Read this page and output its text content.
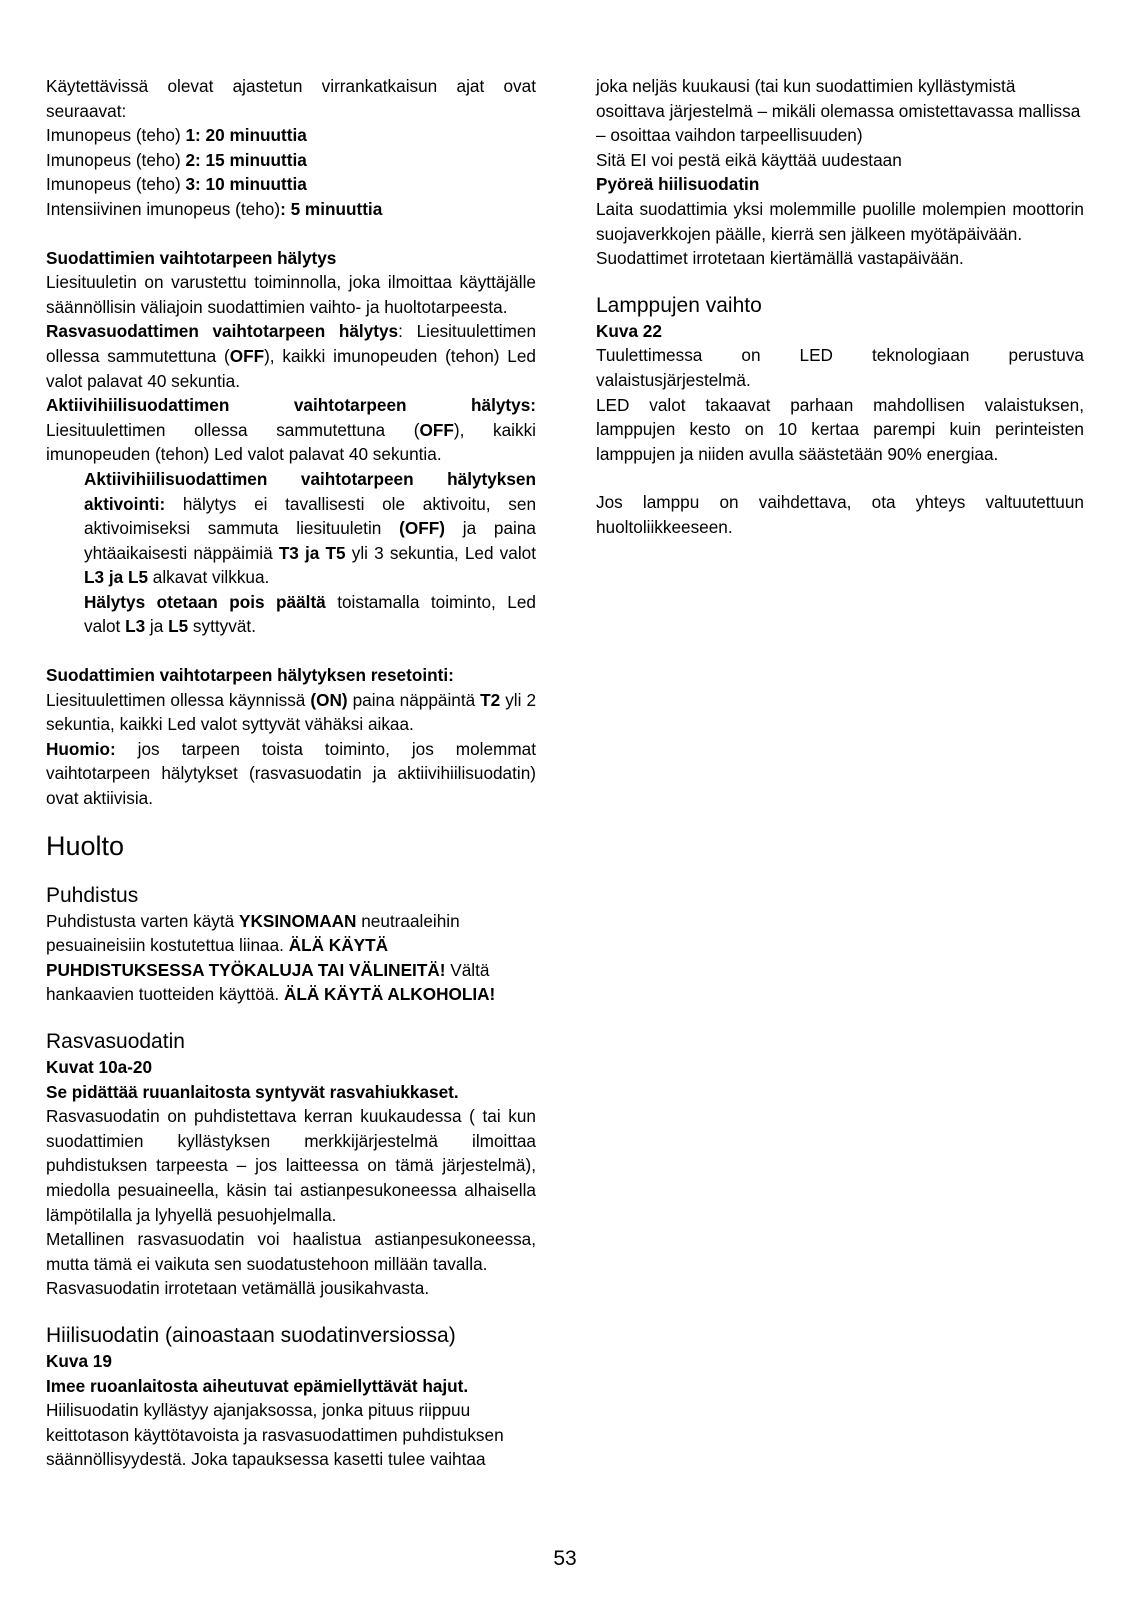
Käytettävissä olevat ajastetun virrankatkaisun ajat ovat seuraavat:

Imunopeus (teho) 1: 20 minuuttia

Imunopeus (teho) 2: 15 minuuttia

Imunopeus (teho) 3: 10 minuuttia

Intensiivinen imunopeus (teho): 5 minuuttia

Suodattimien vaihtotarpeen hälytys

Liesituuletin on varustettu toiminnolla, joka ilmoittaa käyttäjälle säännöllisin väliajoin suodattimien vaihto- ja huoltotarpeesta.

Rasvasuodattimen vaihtotarpeen hälytys: Liesituulettimen ollessa sammutettuna (OFF), kaikki imunopeuden (tehon) Led valot palavat 40 sekuntia.

Aktiivihiilisuodattimen vaihtotarpeen hälytys: Liesituulettimen ollessa sammutettuna (OFF), kaikki imunopeuden (tehon) Led valot palavat 40 sekuntia.

Aktiivihiilisuodattimen vaihtotarpeen hälytyksen aktivointi: hälytys ei tavallisesti ole aktivoitu, sen aktivoimiseksi sammuta liesituuletin (OFF) ja paina yhtäaikaisesti näppäimiä T3 ja T5 yli 3 sekuntia, Led valot L3 ja L5 alkavat vilkkua.

Hälytys otetaan pois päältä toistamalla toiminto, Led valot L3 ja L5 syttyvät.

Suodattimien vaihtotarpeen hälytyksen resetointi:

Liesituulettimen ollessa käynnissä (ON) paina näppäintä T2 yli 2 sekuntia, kaikki Led valot syttyvät vähäksi aikaa.

Huomio: jos tarpeen toista toiminto, jos molemmat vaihtotarpeen hälytykset (rasvasuodatin ja aktiivihiilisuodatin) ovat aktiivisia.

Huolto
Puhdistus

Puhdistusta varten käytä YKSINOMAAN neutraaleihin pesuaineisiin kostutettua liinaa. ÄLÄ KÄYTÄ PUHDISTUKSESSA TYÖKALUJA TAI VÄLINEITÄ! Vältä hankaavien tuotteiden käyttöä. ÄLÄ KÄYTÄ ALKOHOLIA!

Rasvasuodatin

Kuvat 10a-20

Se pidättää ruuanlaitosta syntyvät rasvahiukkaset.

Rasvasuodatin on puhdistettava kerran kuukaudessa ( tai kun suodattimien kyllästyksen merkkijärjestelmä ilmoittaa puhdistuksen tarpeesta – jos laitteessa on tämä järjestelmä), miedolla pesuaineella, käsin tai astianpesukoneessa alhaisella lämpötilalla ja lyhyellä pesuohjelmalla.

Metallinen rasvasuodatin voi haalistua astianpesukoneessa, mutta tämä ei vaikuta sen suodatustehoon millään tavalla.

Rasvasuodatin irrotetaan vetämällä jousikahvasta.

Hiilisuodatin (ainoastaan suodatinversiossa)

Kuva 19

Imee ruoanlaitosta aiheutuvat epämiellyttävät hajut.

Hiilisuodatin kyllästyy ajanjaksossa, jonka pituus riippuu keittotason käyttötavoista ja rasvasuodattimen puhdistuksen säännöllisyydestä. Joka tapauksessa kasetti tulee vaihtaa

joka neljäs kuukausi (tai kun suodattimien kyllästymistä osoittava järjestelmä – mikäli olemassa omistettavassa mallissa – osoittaa vaihdon tarpeellisuuden)

Sitä EI voi pestä eikä käyttää uudestaan

Pyöreä hiilisuodatin

Laita suodattimia yksi molemmille puolille molempien moottorin suojaverkkojen päälle, kierrä sen jälkeen myötäpäivään.

Suodattimet irrotetaan kiertämällä vastapäivään.

Lamppujen vaihto

Kuva 22

Tuulettimessa on LED teknologiaan perustuva valaistusjärjestelmä.

LED valot takaavat parhaan mahdollisen valaistuksen, lamppujen kesto on 10 kertaa parempi kuin perinteisten lamppujen ja niiden avulla säästetään 90% energiaa.

Jos lamppu on vaihdettava, ota yhteys valtuutettuun huoltoliikkeeseen.

53
